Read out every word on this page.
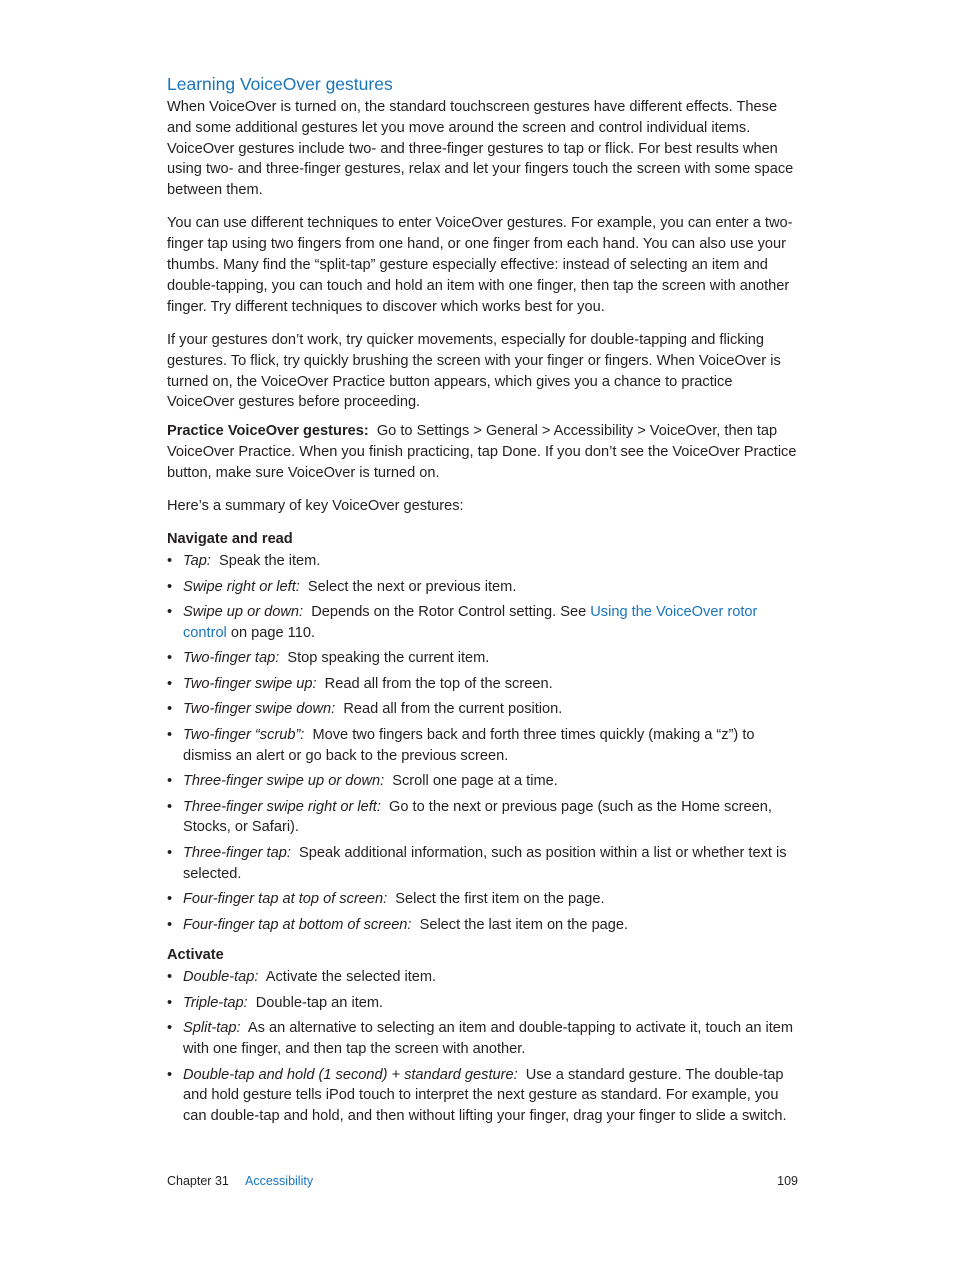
Learning VoiceOver gestures

When VoiceOver is turned on, the standard touchscreen gestures have different effects. These and some additional gestures let you move around the screen and control individual items. VoiceOver gestures include two- and three-finger gestures to tap or flick. For best results when using two- and three-finger gestures, relax and let your fingers touch the screen with some space between them.

You can use different techniques to enter VoiceOver gestures. For example, you can enter a two-finger tap using two fingers from one hand, or one finger from each hand. You can also use your thumbs. Many find the “split-tap” gesture especially effective: instead of selecting an item and double-tapping, you can touch and hold an item with one finger, then tap the screen with another finger. Try different techniques to discover which works best for you.

If your gestures don’t work, try quicker movements, especially for double-tapping and flicking gestures. To flick, try quickly brushing the screen with your finger or fingers. When VoiceOver is turned on, the VoiceOver Practice button appears, which gives you a chance to practice VoiceOver gestures before proceeding.

Practice VoiceOver gestures: Go to Settings > General > Accessibility > VoiceOver, then tap VoiceOver Practice. When you finish practicing, tap Done. If you don’t see the VoiceOver Practice button, make sure VoiceOver is turned on.

Here’s a summary of key VoiceOver gestures:

Navigate and read
• Tap: Speak the item.
• Swipe right or left: Select the next or previous item.
• Swipe up or down: Depends on the Rotor Control setting. See Using the VoiceOver rotor control on page 110.
• Two-finger tap: Stop speaking the current item.
• Two-finger swipe up: Read all from the top of the screen.
• Two-finger swipe down: Read all from the current position.
• Two-finger “scrub”: Move two fingers back and forth three times quickly (making a “z”) to dismiss an alert or go back to the previous screen.
• Three-finger swipe up or down: Scroll one page at a time.
• Three-finger swipe right or left: Go to the next or previous page (such as the Home screen, Stocks, or Safari).
• Three-finger tap: Speak additional information, such as position within a list or whether text is selected.
• Four-finger tap at top of screen: Select the first item on the page.
• Four-finger tap at bottom of screen: Select the last item on the page.
Activate
• Double-tap: Activate the selected item.
• Triple-tap: Double-tap an item.
• Split-tap: As an alternative to selecting an item and double-tapping to activate it, touch an item with one finger, and then tap the screen with another.
• Double-tap and hold (1 second) + standard gesture: Use a standard gesture. The double-tap and hold gesture tells iPod touch to interpret the next gesture as standard. For example, you can double-tap and hold, and then without lifting your finger, drag your finger to slide a switch.
Chapter 31 Accessibility	109
